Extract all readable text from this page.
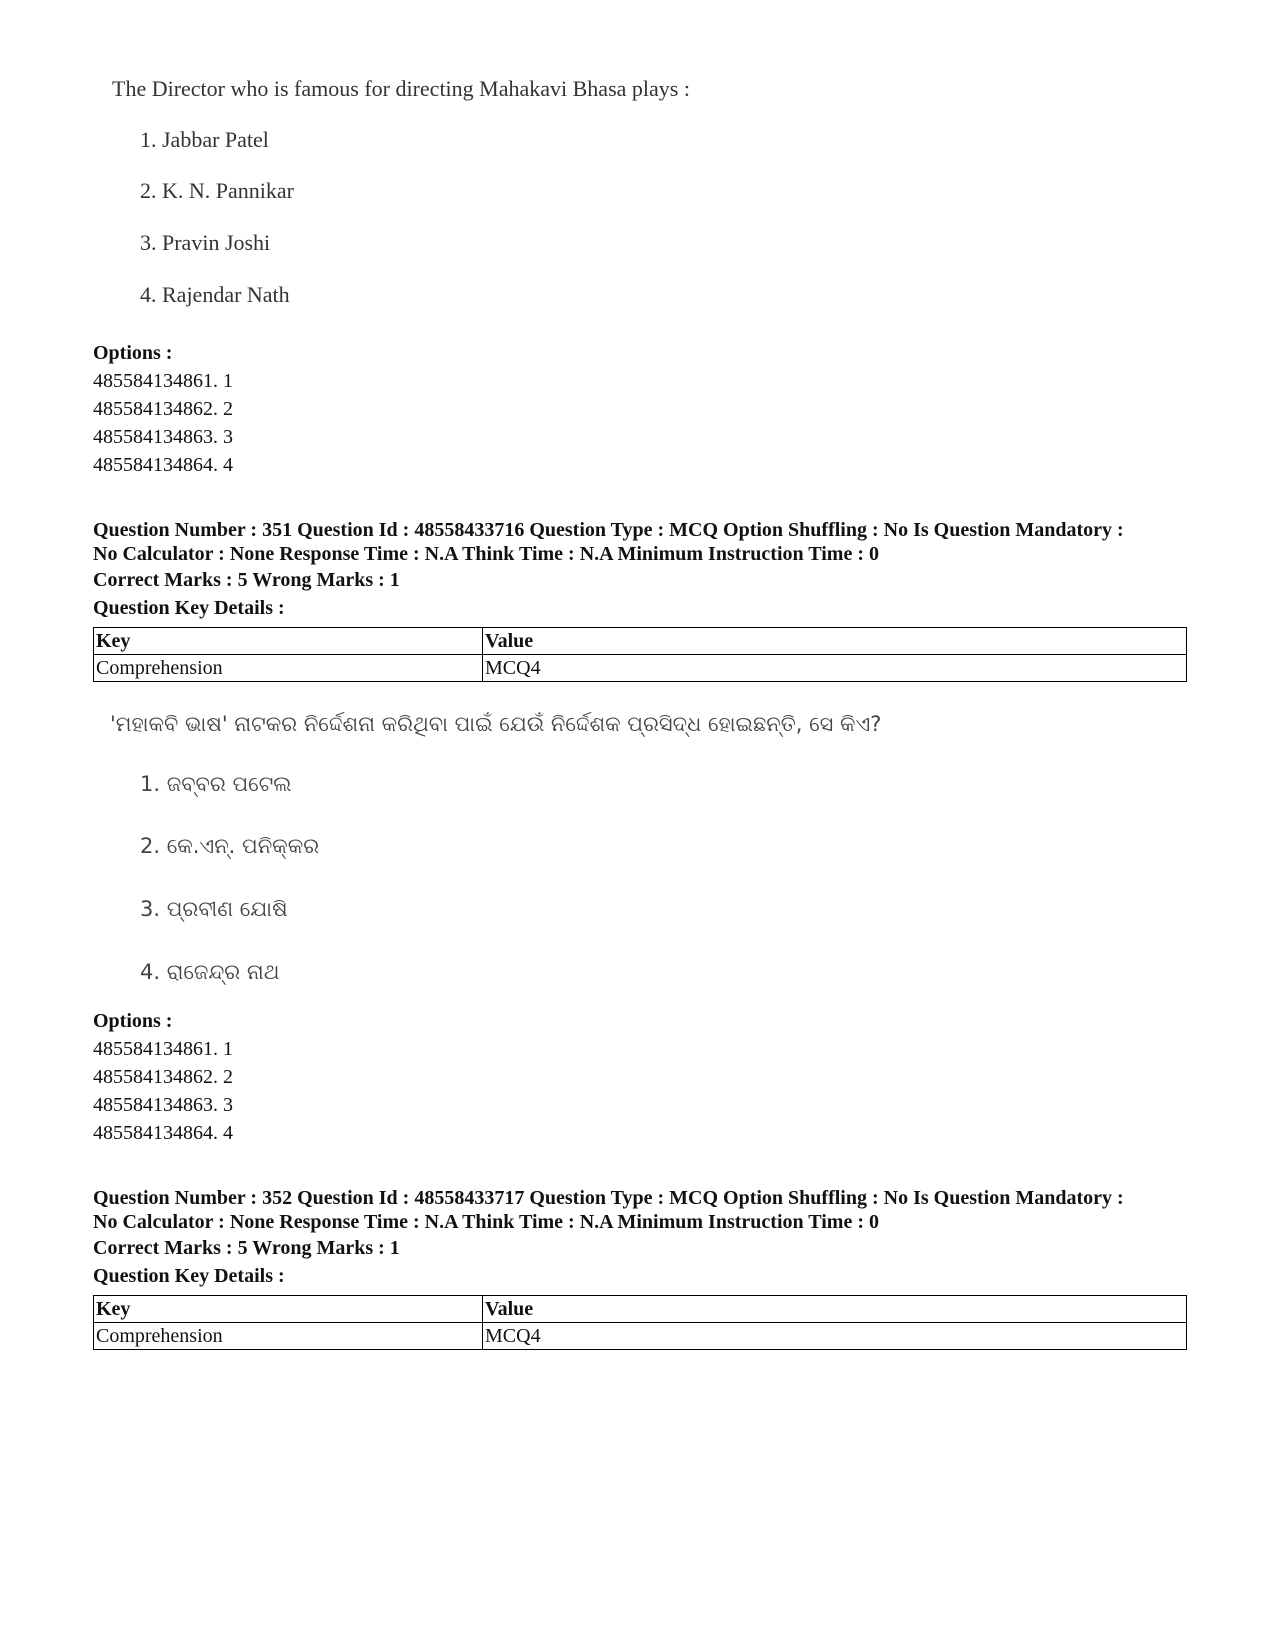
The Director who is famous for directing Mahakavi Bhasa plays :
1. Jabbar Patel
2. K. N. Pannikar
3. Pravin Joshi
4. Rajendar Nath
Options :
485584134861. 1
485584134862. 2
485584134863. 3
485584134864. 4
Question Number : 351 Question Id : 48558433716 Question Type : MCQ Option Shuffling : No Is Question Mandatory :
No Calculator : None Response Time : N.A Think Time : N.A Minimum Instruction Time : 0
Correct Marks : 5 Wrong Marks : 1
Question Key Details :
Key	Value
Comprehension	MCQ4
'ମହାକବି ଭାଷ' ନାଟକର ନିର୍ଦ୍ଦେଶନା କରିଥିବା ପାଇଁ ଯେଉଁ ନିର୍ଦ୍ଦେଶକ ପ୍ରସିଦ୍ଧ ହୋଇଛନ୍ତି, ସେ କିଏ?
1. ଜବ୍ବର ପଟେଲ
2. କେ.ଏନ୍. ପନିକ୍କର
3. ପ୍ରବୀଣ ଯୋଷି
4. ରାଜେନ୍ଦ୍ର ନାଥ
Options :
485584134861. 1
485584134862. 2
485584134863. 3
485584134864. 4
Question Number : 352 Question Id : 48558433717 Question Type : MCQ Option Shuffling : No Is Question Mandatory :
No Calculator : None Response Time : N.A Think Time : N.A Minimum Instruction Time : 0
Correct Marks : 5 Wrong Marks : 1
Question Key Details :
Key	Value
Comprehension	MCQ4
